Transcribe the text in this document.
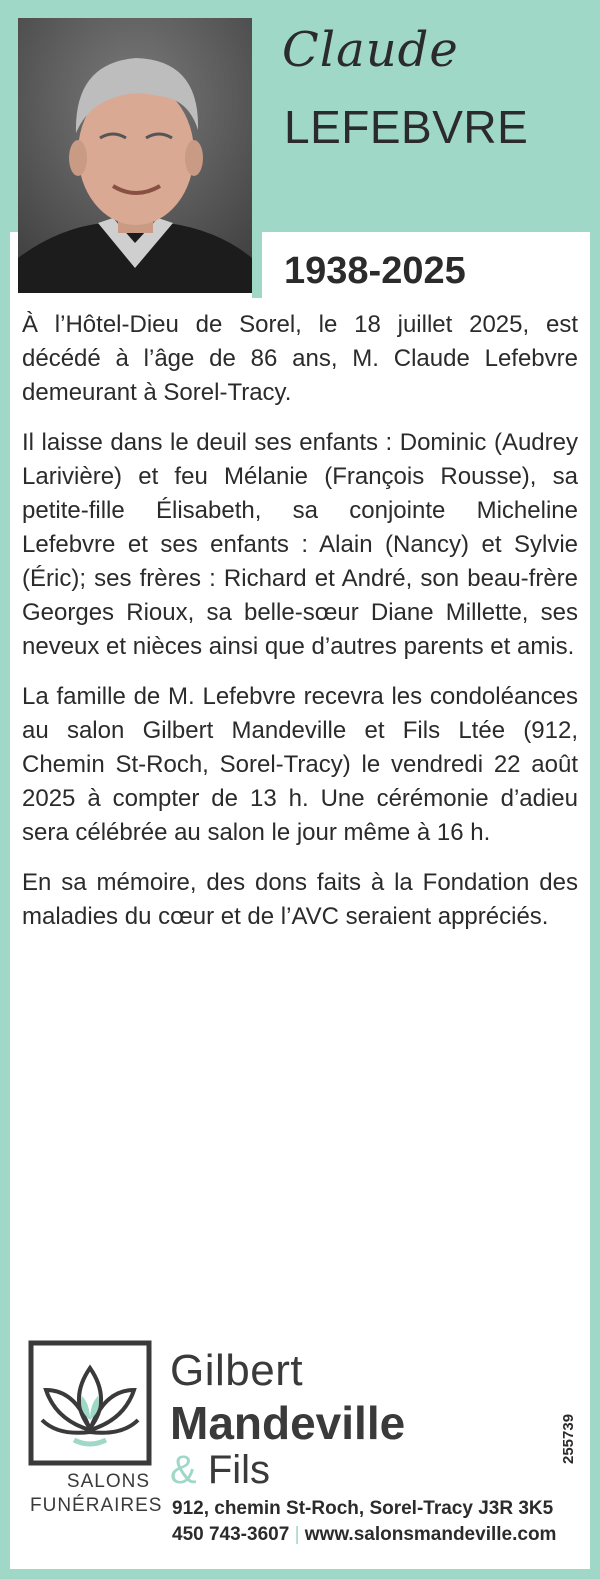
Claude
LEFEBVRE
1938-2025

À l’Hôtel-Dieu de Sorel, le 18 juillet 2025, est décédé à l’âge de 86 ans, M. Claude Lefebvre demeurant à Sorel-Tracy.

Il laisse dans le deuil ses enfants : Dominic (Audrey Larivière) et feu Mélanie (François Rousse), sa petite-fille Élisabeth, sa conjointe Micheline Lefebvre et ses enfants : Alain (Nancy) et Sylvie (Éric); ses frères : Richard et André, son beau-frère Georges Rioux, sa belle-sœur Diane Millette, ses neveux et nièces ainsi que d’autres parents et amis.

La famille de M. Lefebvre recevra les condoléances au salon Gilbert Mandeville et Fils Ltée (912, Chemin St-Roch, Sorel-Tracy) le vendredi 22 août 2025 à compter de 13 h. Une cérémonie d’adieu sera célébrée au salon le jour même à 16 h.

En sa mémoire, des dons faits à la Fondation des maladies du cœur et de l’AVC seraient appréciés.

Gilbert
Mandeville
& Fils
SALONS
FUNÉRAIRES 912, chemin St-Roch, Sorel-Tracy J3R 3K5
450 743-3607 | www.salonsmandeville.com
255739
